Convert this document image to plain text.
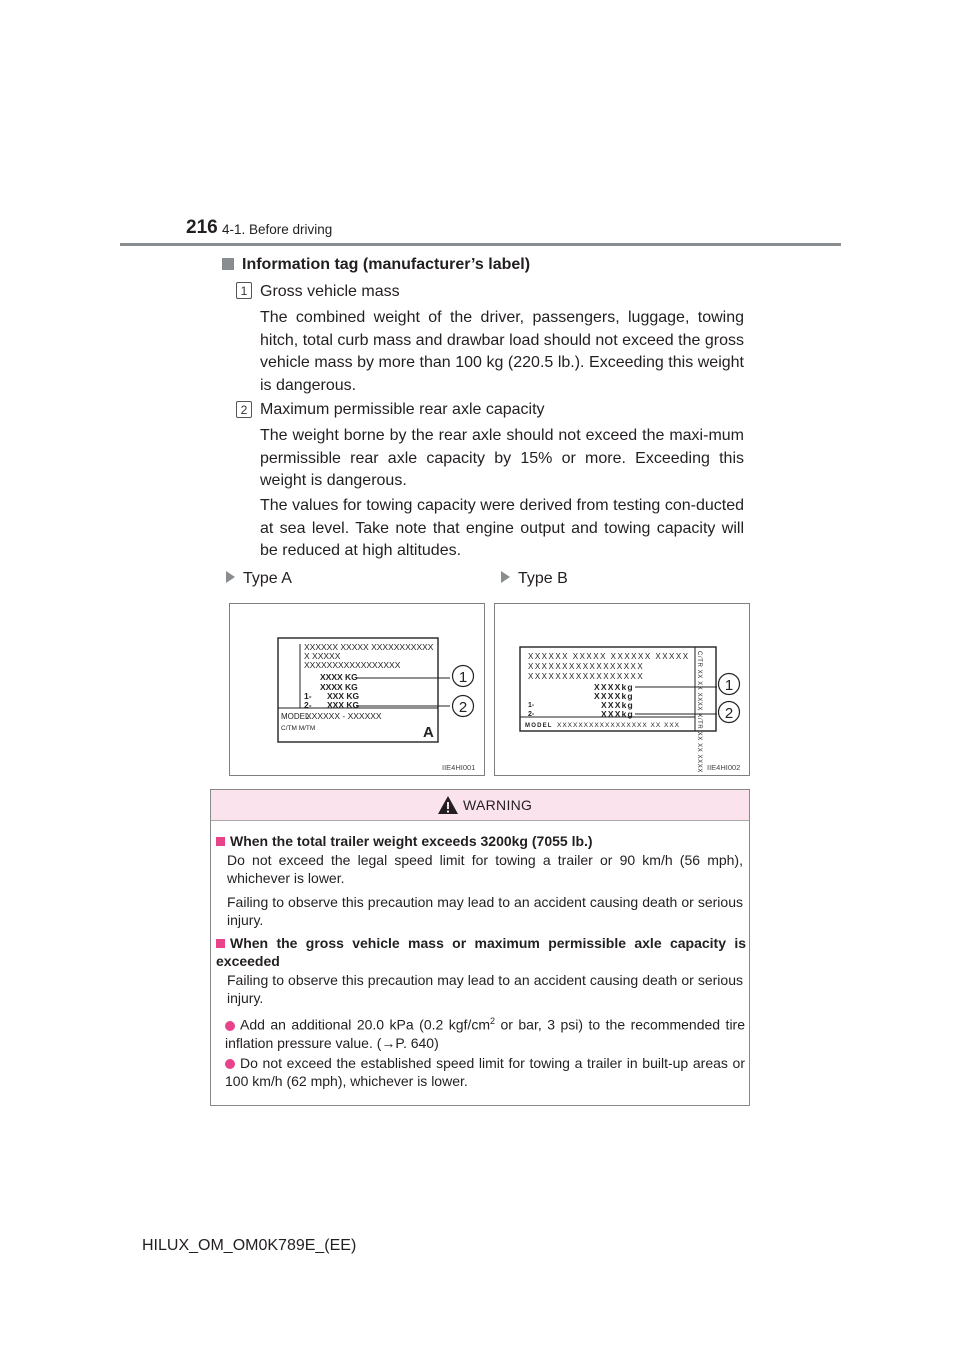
216 4-1. Before driving
Information tag (manufacturer’s label)
1 Gross vehicle mass
The combined weight of the driver, passengers, luggage, towing hitch, total curb mass and drawbar load should not exceed the gross vehicle mass by more than 100 kg (220.5 lb.). Exceeding this weight is dangerous.
2 Maximum permissible rear axle capacity
The weight borne by the rear axle should not exceed the maxi-mum permissible rear axle capacity by 15% or more. Exceeding this weight is dangerous.
The values for towing capacity were derived from testing con-ducted at sea level. Take note that engine output and towing capacity will be reduced at high altitudes.
Type A	Type B
XXXXXX XXXXX XXXXXXXXXXX
X XXXXX
XXXXXXXXXXXXXXXXX
XXXX KG
XXXX KG
XXX KG
XXX KG
1-
2-
MODEL
XXXXXX - XXXXXX
C/TM M/TM	A
1
2
IIE4HI001
XXXXXX XXXXX XXXXXX XXXXX
XXXXXXXXXXXXXXXXX
XXXXXXXXXXXXXXXXX
XXXXkg
XXXXkg
XXXkg
XXXkg
1-
2-
MODEL XXXXXXXXXXXXXXXXX XX XXX	C/TR XX XX XXXX X/TR XX XX XXXX 1
2
IIE4HI002
WARNING
When the total trailer weight exceeds 3200kg (7055 lb.)
Do not exceed the legal speed limit for towing a trailer or 90 km/h (56 mph), whichever is lower.
Failing to observe this precaution may lead to an accident causing death or serious injury.
When the gross vehicle mass or maximum permissible axle capacity is exceeded
Failing to observe this precaution may lead to an accident causing death or serious injury.
Add an additional 20.0 kPa (0.2 kgf/$cm^2$ or bar, 3 psi) to the recommended tire inflation pressure value. (→P. 640)
Do not exceed the established speed limit for towing a trailer in built-up areas or 100 km/h (62 mph), whichever is lower.
HILUX_OM_OM0K789E_(EE)
